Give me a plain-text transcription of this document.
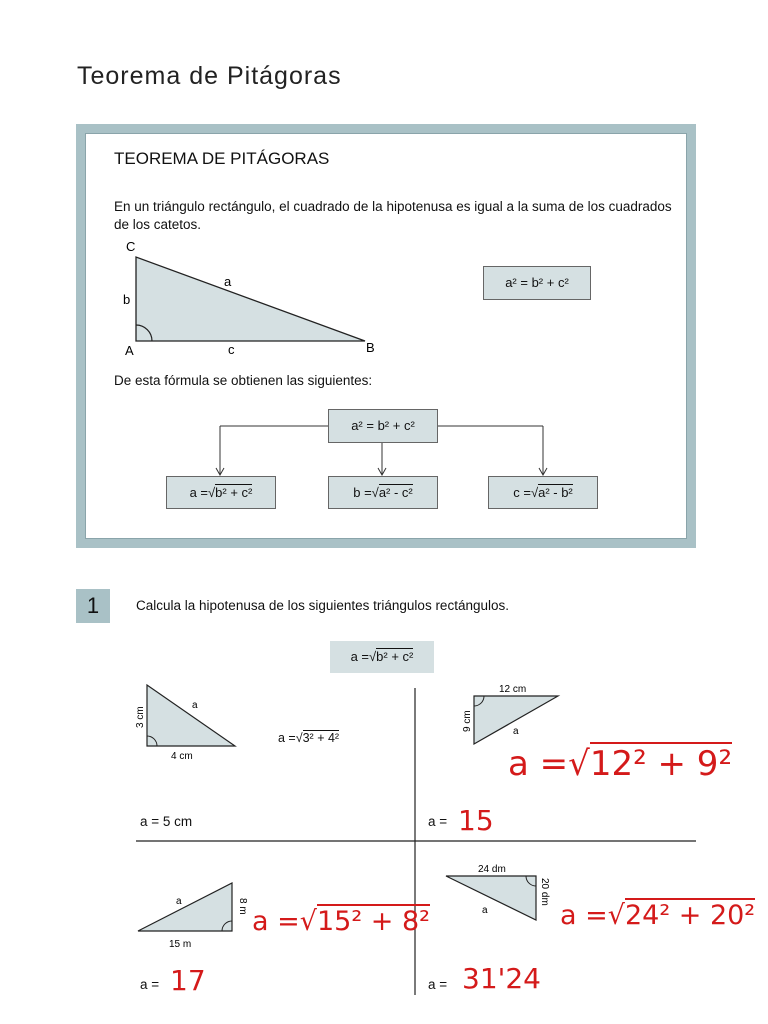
Teorema de Pitágoras
TEOREMA DE PITÁGORAS
En un triángulo rectángulo, el cuadrado de la hipotenusa es igual a la suma de los cuadrados de los catetos.
C
A	B
a
b
c
a² = b² + c²
De esta fórmula se obtienen las siguientes:
a² = b² + c²
a =√b² + c²	b =√a² - c²	c =√a² - b²
1	Calcula la hipotenusa de los siguientes triángulos rectángulos.
a =√b² + c²
a
4 cm
3 cm
a =√3² + 4²
a = 5 cm
12 cm
a
9 cm
a =√12² + 9²
a = 15
a
15 m
8 m a =√15² + 8²
a = 17
24 dm
a
20 dm
a =√24² + 20²
a = 31'24
